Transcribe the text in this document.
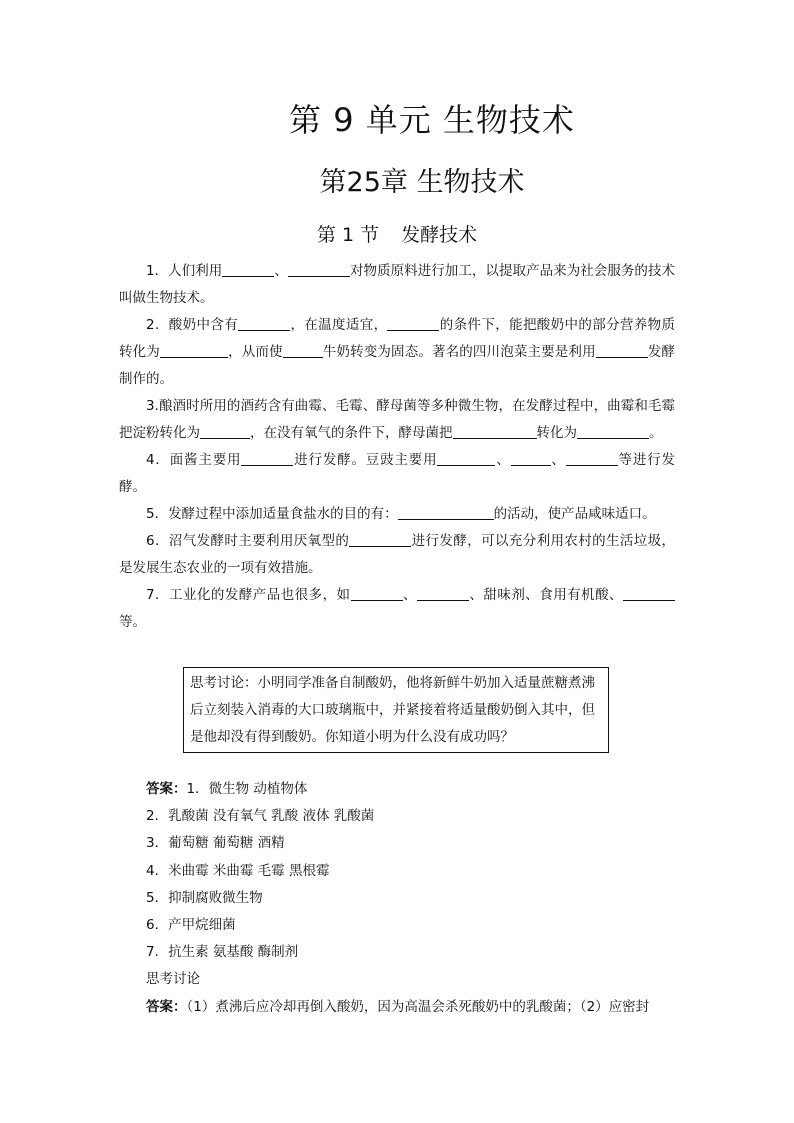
第 9 单元 生物技术
第25章 生物技术
第 1 节 发酵技术

1．人们利用	、	对物质原料进行加工，以提取产品来为社会服务的技术叫做生物技术。

2．酸奶中含有	，在温度适宜，	的条件下，能把酸奶中的部分营养物质转化为	，从而使	牛奶转变为固态。著名的四川泡菜主要是利用	发酵制作的。

3.酿酒时所用的酒药含有曲霉、毛霉、酵母菌等多种微生物，在发酵过程中，曲霉和毛霉把淀粉转化为	，在没有氧气的条件下，酵母菌把	转化为	。

4．面酱主要用	进行发酵。豆豉主要用	、	、	等进行发酵。

5．发酵过程中添加适量食盐水的目的有：	的活动，使产品咸味适口。

6．沼气发酵时主要利用厌氧型的	进行发酵，可以充分利用农村的生活垃圾，是发展生态农业的一项有效措施。

7．工业化的发酵产品也很多，如	、	、甜味剂、食用有机酸、等。

思考讨论：小明同学准备自制酸奶，他将新鲜牛奶加入适量蔗糖煮沸后立刻装入消毒的大口玻璃瓶中，并紧接着将适量酸奶倒入其中，但是他却没有得到酸奶。你知道小明为什么没有成功吗？
答案：1．微生物 动植物体
2．乳酸菌 没有氧气 乳酸 液体 乳酸菌
3．葡萄糖 葡萄糖 酒精
4．米曲霉 米曲霉 毛霉 黑根霉
5．抑制腐败微生物
6．产甲烷细菌
7．抗生素 氨基酸 酶制剂
思考讨论
答案：（1）煮沸后应冷却再倒入酸奶，因为高温会杀死酸奶中的乳酸菌；（2）应密封
